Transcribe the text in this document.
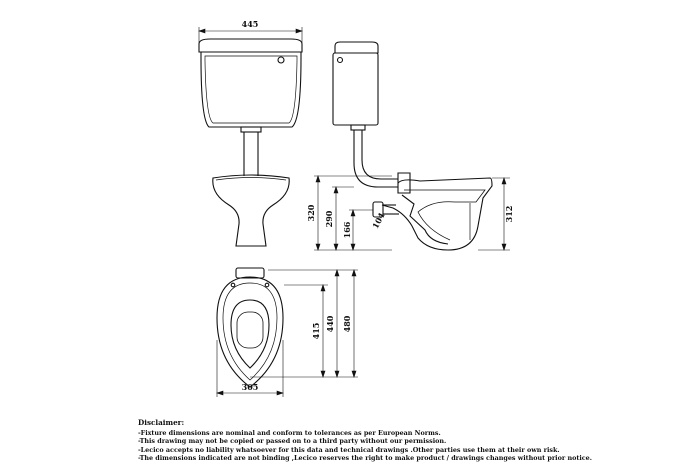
445
320 290
166 104	312
415 440 480
305
Disclaimer:
-Fixture dimensions are nominal and conform to tolerances as per European Norms.
-This drawing may not be copied or passed on to a third party without our permission.
-Lecico accepts no liability whatsoever for this data and technical drawings .Other parties use them at their own risk.
-The dimensions indicated are not binding ,Lecico reserves the right to make product / drawings changes without prior notice.
